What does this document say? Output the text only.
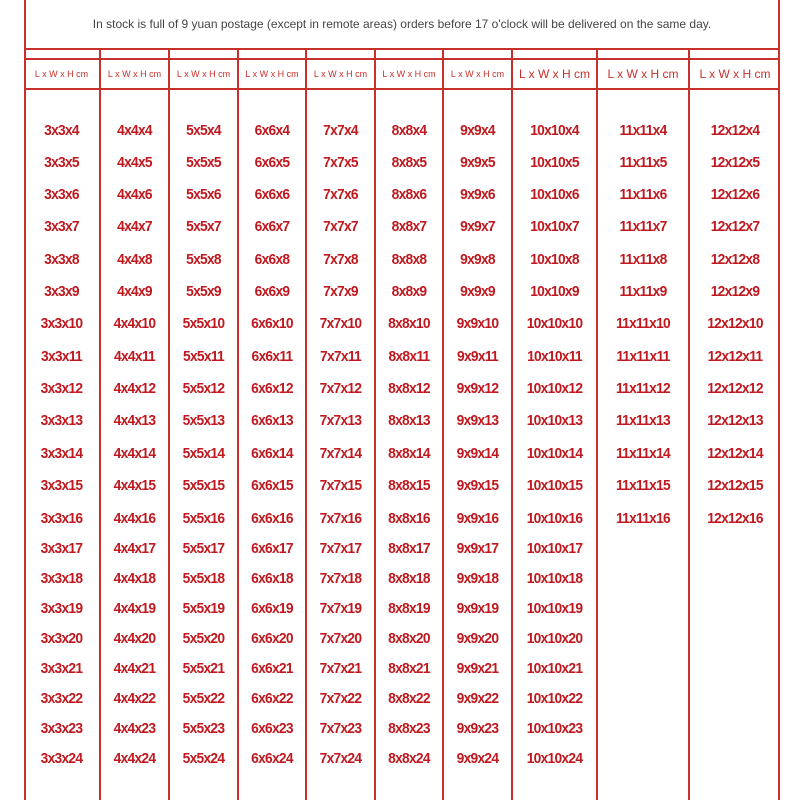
In stock is full of 9 yuan postage (except in remote areas) orders before 17 o'clock will be delivered on the same day.
L x W x H cm
3x3x4
3x3x5
3x3x6
3x3x7
3x3x8
3x3x9
3x3x10
3x3x11
3x3x12
3x3x13
3x3x14
3x3x15
3x3x16
3x3x17
3x3x18
3x3x19
3x3x20
3x3x21
3x3x22
3x3x23
3x3x24
L x W x H cm
4x4x4
4x4x5
4x4x6
4x4x7
4x4x8
4x4x9
4x4x10
4x4x11
4x4x12
4x4x13
4x4x14
4x4x15
4x4x16
4x4x17
4x4x18
4x4x19
4x4x20
4x4x21
4x4x22
4x4x23
4x4x24
L x W x H cm
5x5x4
5x5x5
5x5x6
5x5x7
5x5x8
5x5x9
5x5x10
5x5x11
5x5x12
5x5x13
5x5x14
5x5x15
5x5x16
5x5x17
5x5x18
5x5x19
5x5x20
5x5x21
5x5x22
5x5x23
5x5x24
L x W x H cm
6x6x4
6x6x5
6x6x6
6x6x7
6x6x8
6x6x9
6x6x10
6x6x11
6x6x12
6x6x13
6x6x14
6x6x15
6x6x16
6x6x17
6x6x18
6x6x19
6x6x20
6x6x21
6x6x22
6x6x23
6x6x24
L x W x H cm
7x7x4
7x7x5
7x7x6
7x7x7
7x7x8
7x7x9
7x7x10
7x7x11
7x7x12
7x7x13
7x7x14
7x7x15
7x7x16
7x7x17
7x7x18
7x7x19
7x7x20
7x7x21
7x7x22
7x7x23
7x7x24
L x W x H cm
8x8x4
8x8x5
8x8x6
8x8x7
8x8x8
8x8x9
8x8x10
8x8x11
8x8x12
8x8x13
8x8x14
8x8x15
8x8x16
8x8x17
8x8x18
8x8x19
8x8x20
8x8x21
8x8x22
8x8x23
8x8x24
L x W x H cm
9x9x4
9x9x5
9x9x6
9x9x7
9x9x8
9x9x9
9x9x10
9x9x11
9x9x12
9x9x13
9x9x14
9x9x15
9x9x16
9x9x17
9x9x18
9x9x19
9x9x20
9x9x21
9x9x22
9x9x23
9x9x24
L x W x H cm
10x10x4
10x10x5
10x10x6
10x10x7
10x10x8
10x10x9
10x10x10
10x10x11
10x10x12
10x10x13
10x10x14
10x10x15
10x10x16
10x10x17
10x10x18
10x10x19
10x10x20
10x10x21
10x10x22
10x10x23
10x10x24
L x W x H cm
11x11x4
11x11x5
11x11x6
11x11x7
11x11x8
11x11x9
11x11x10
11x11x11
11x11x12
11x11x13
11x11x14
11x11x15
11x11x16
L x W x H cm
12x12x4
12x12x5
12x12x6
12x12x7
12x12x8
12x12x9
12x12x10
12x12x11
12x12x12
12x12x13
12x12x14
12x12x15
12x12x16
